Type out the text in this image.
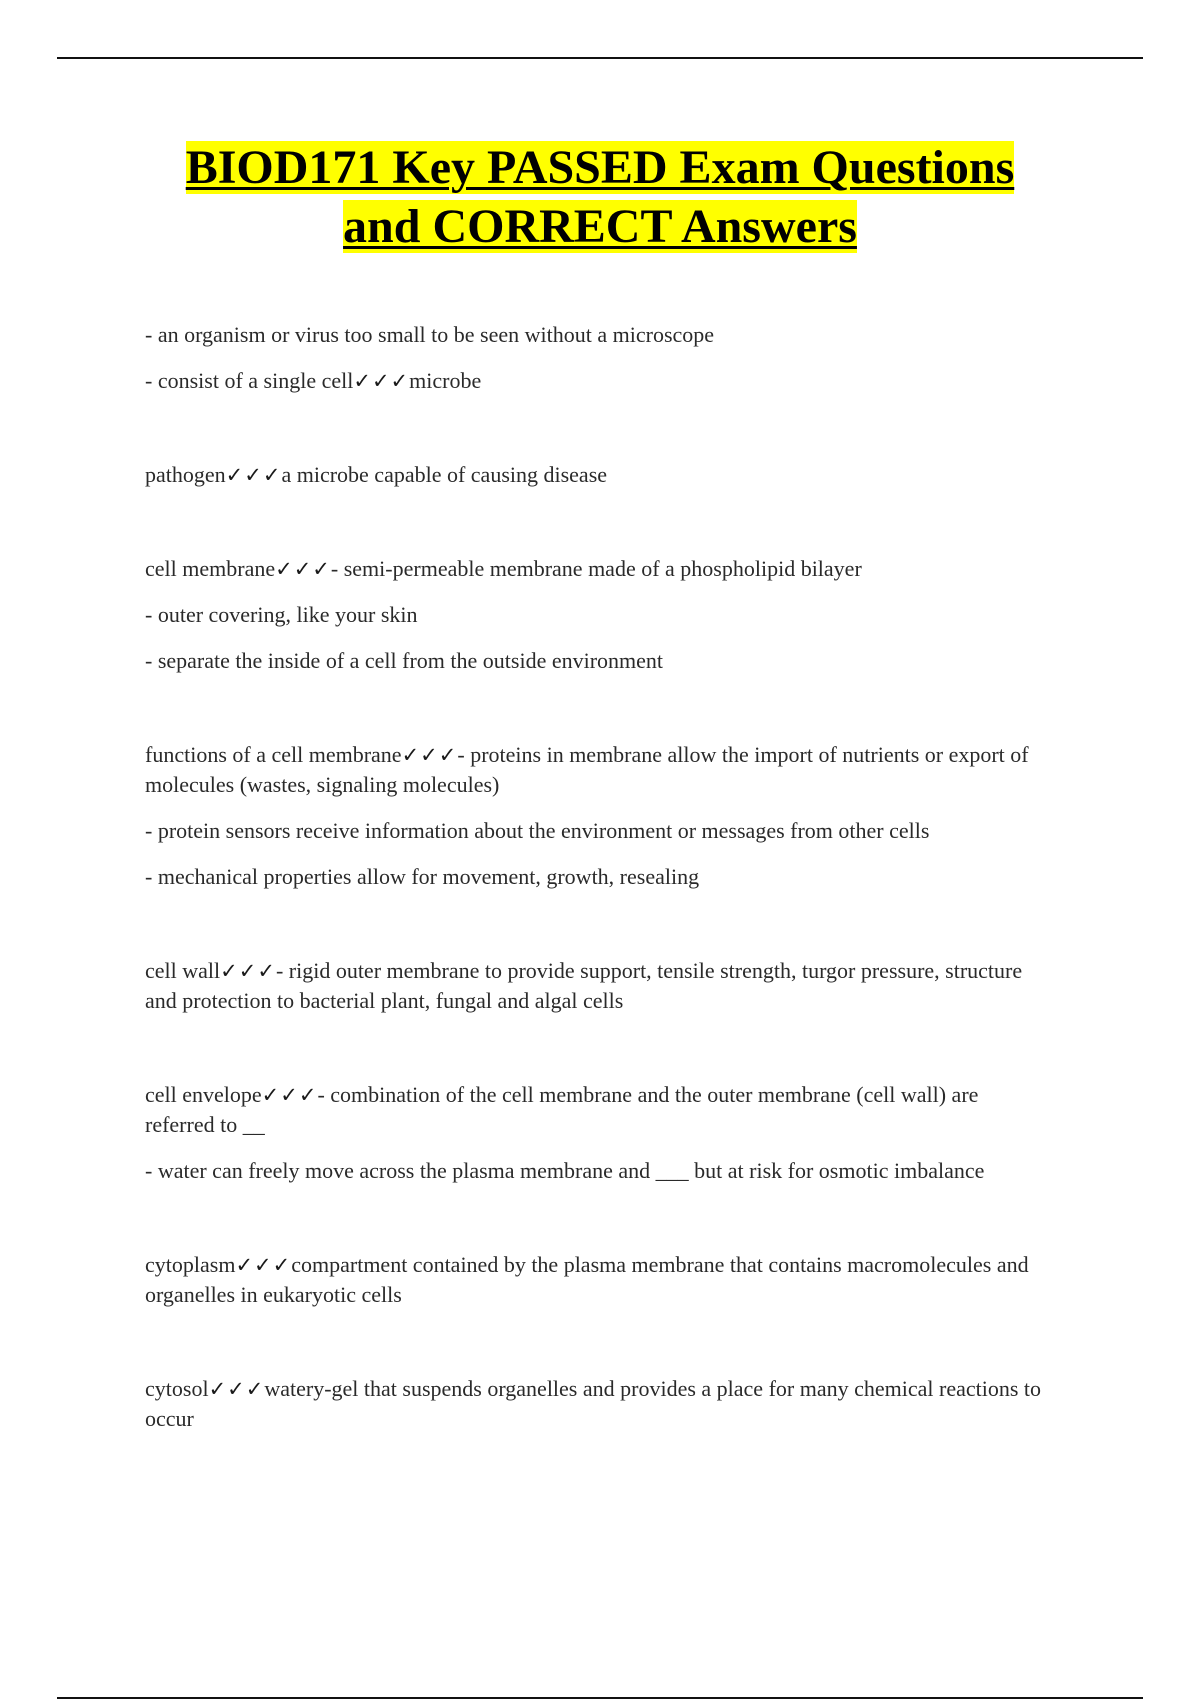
BIOD171 Key PASSED Exam Questions
and CORRECT Answers

- an organism or virus too small to be seen without a microscope

- consist of a single cell✓✓✓microbe

pathogen✓✓✓a microbe capable of causing disease

cell membrane✓✓✓- semi-permeable membrane made of a phospholipid bilayer

- outer covering, like your skin

- separate the inside of a cell from the outside environment

functions of a cell membrane✓✓✓- proteins in membrane allow the import of nutrients or export of molecules (wastes, signaling molecules)

- protein sensors receive information about the environment or messages from other cells

- mechanical properties allow for movement, growth, resealing

cell wall✓✓✓- rigid outer membrane to provide support, tensile strength, turgor pressure, structure and protection to bacterial plant, fungal and algal cells

cell envelope✓✓✓- combination of the cell membrane and the outer membrane (cell wall) are referred to __

- water can freely move across the plasma membrane and ___ but at risk for osmotic imbalance

cytoplasm✓✓✓compartment contained by the plasma membrane that contains macromolecules and organelles in eukaryotic cells

cytosol✓✓✓watery-gel that suspends organelles and provides a place for many chemical reactions to occur
